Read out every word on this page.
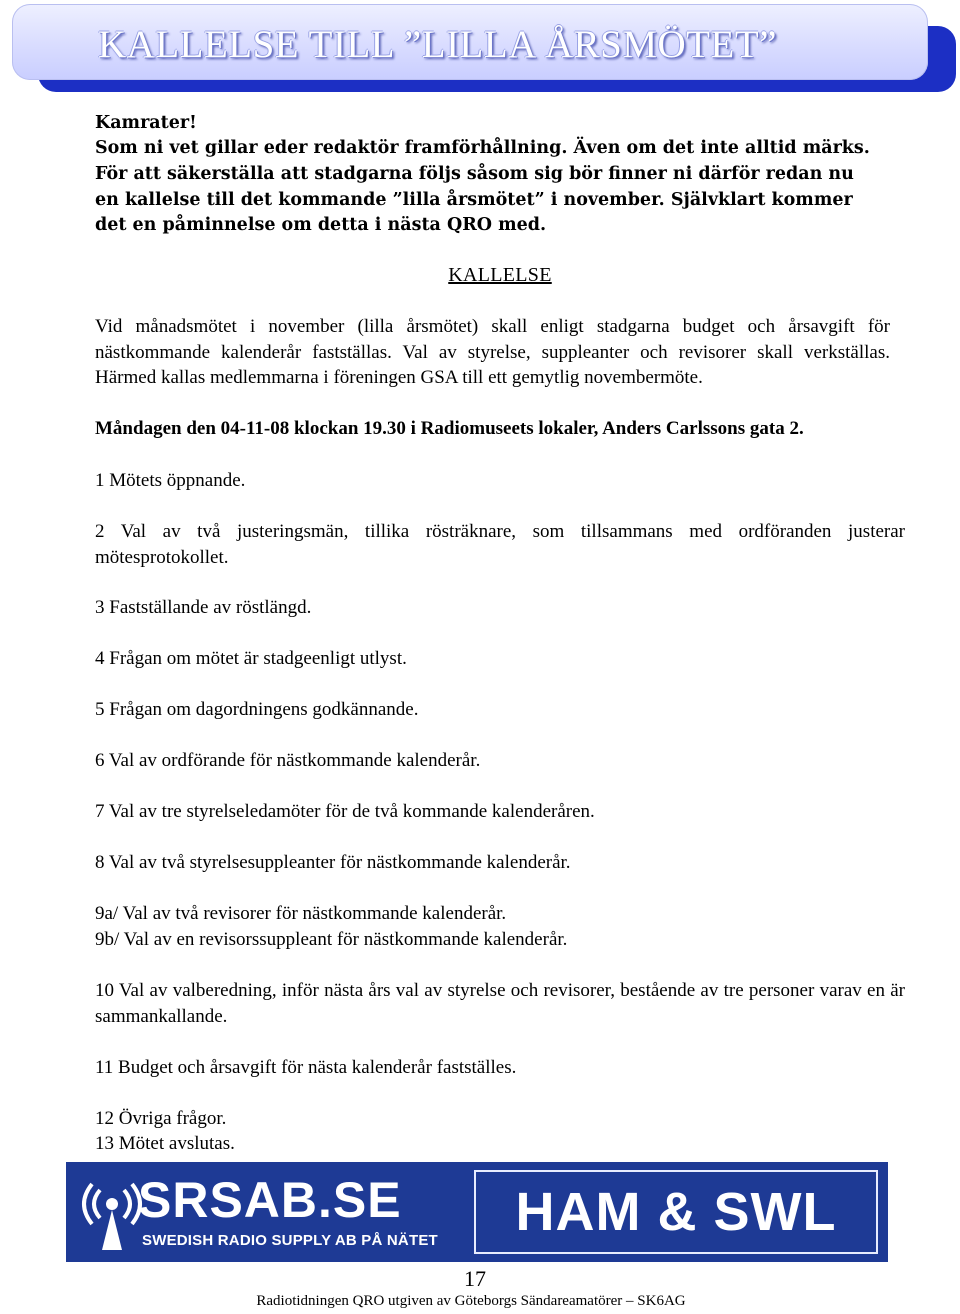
KALLELSE TILL ”LILLA ÅRSMÖTET”
Kamrater!
Som ni vet gillar eder redaktör framförhållning. Även om det inte alltid märks.
För att säkerställa att stadgarna följs såsom sig bör finner ni därför redan nu en kallelse till det kommande ”lilla årsmötet” i november. Självklart kommer det en påminnelse om detta i nästa QRO med.
KALLELSE
Vid månadsmötet i november (lilla årsmötet) skall enligt stadgarna budget och årsavgift för nästkommande kalenderår fastställas. Val av styrelse, suppleanter och revisorer skall verkställas. Härmed kallas medlemmarna i föreningen GSA till ett gemytlig novembermöte.
Måndagen den 04-11-08 klockan 19.30 i Radiomuseets lokaler, Anders Carlssons gata 2.
1 Mötets öppnande.
2 Val av två justeringsmän, tillika rösträknare, som tillsammans med ordföranden justerar mötesprotokollet.
3 Fastställande av röstlängd.
4 Frågan om mötet är stadgeenligt utlyst.
5 Frågan om dagordningens godkännande.
6 Val av ordförande för nästkommande kalenderår.
7 Val av tre styrelseledamöter för de två kommande kalenderåren.
8 Val av två styrelsesuppleanter för nästkommande kalenderår.
9a/ Val av två revisorer för nästkommande kalenderår.
9b/ Val av en revisorssuppleant för nästkommande kalenderår.
10 Val av valberedning, inför nästa års val av styrelse och revisorer, bestående av tre personer varav en är sammankallande.
11 Budget och årsavgift för nästa kalenderår fastställes.
12 Övriga frågor.
13 Mötet avslutas.
SRSAB.SE
SWEDISH RADIO SUPPLY AB PÅ NÄTET	HAM & SWL
17
Radiotidningen QRO utgiven av Göteborgs Sändareamatörer – SK6AG
